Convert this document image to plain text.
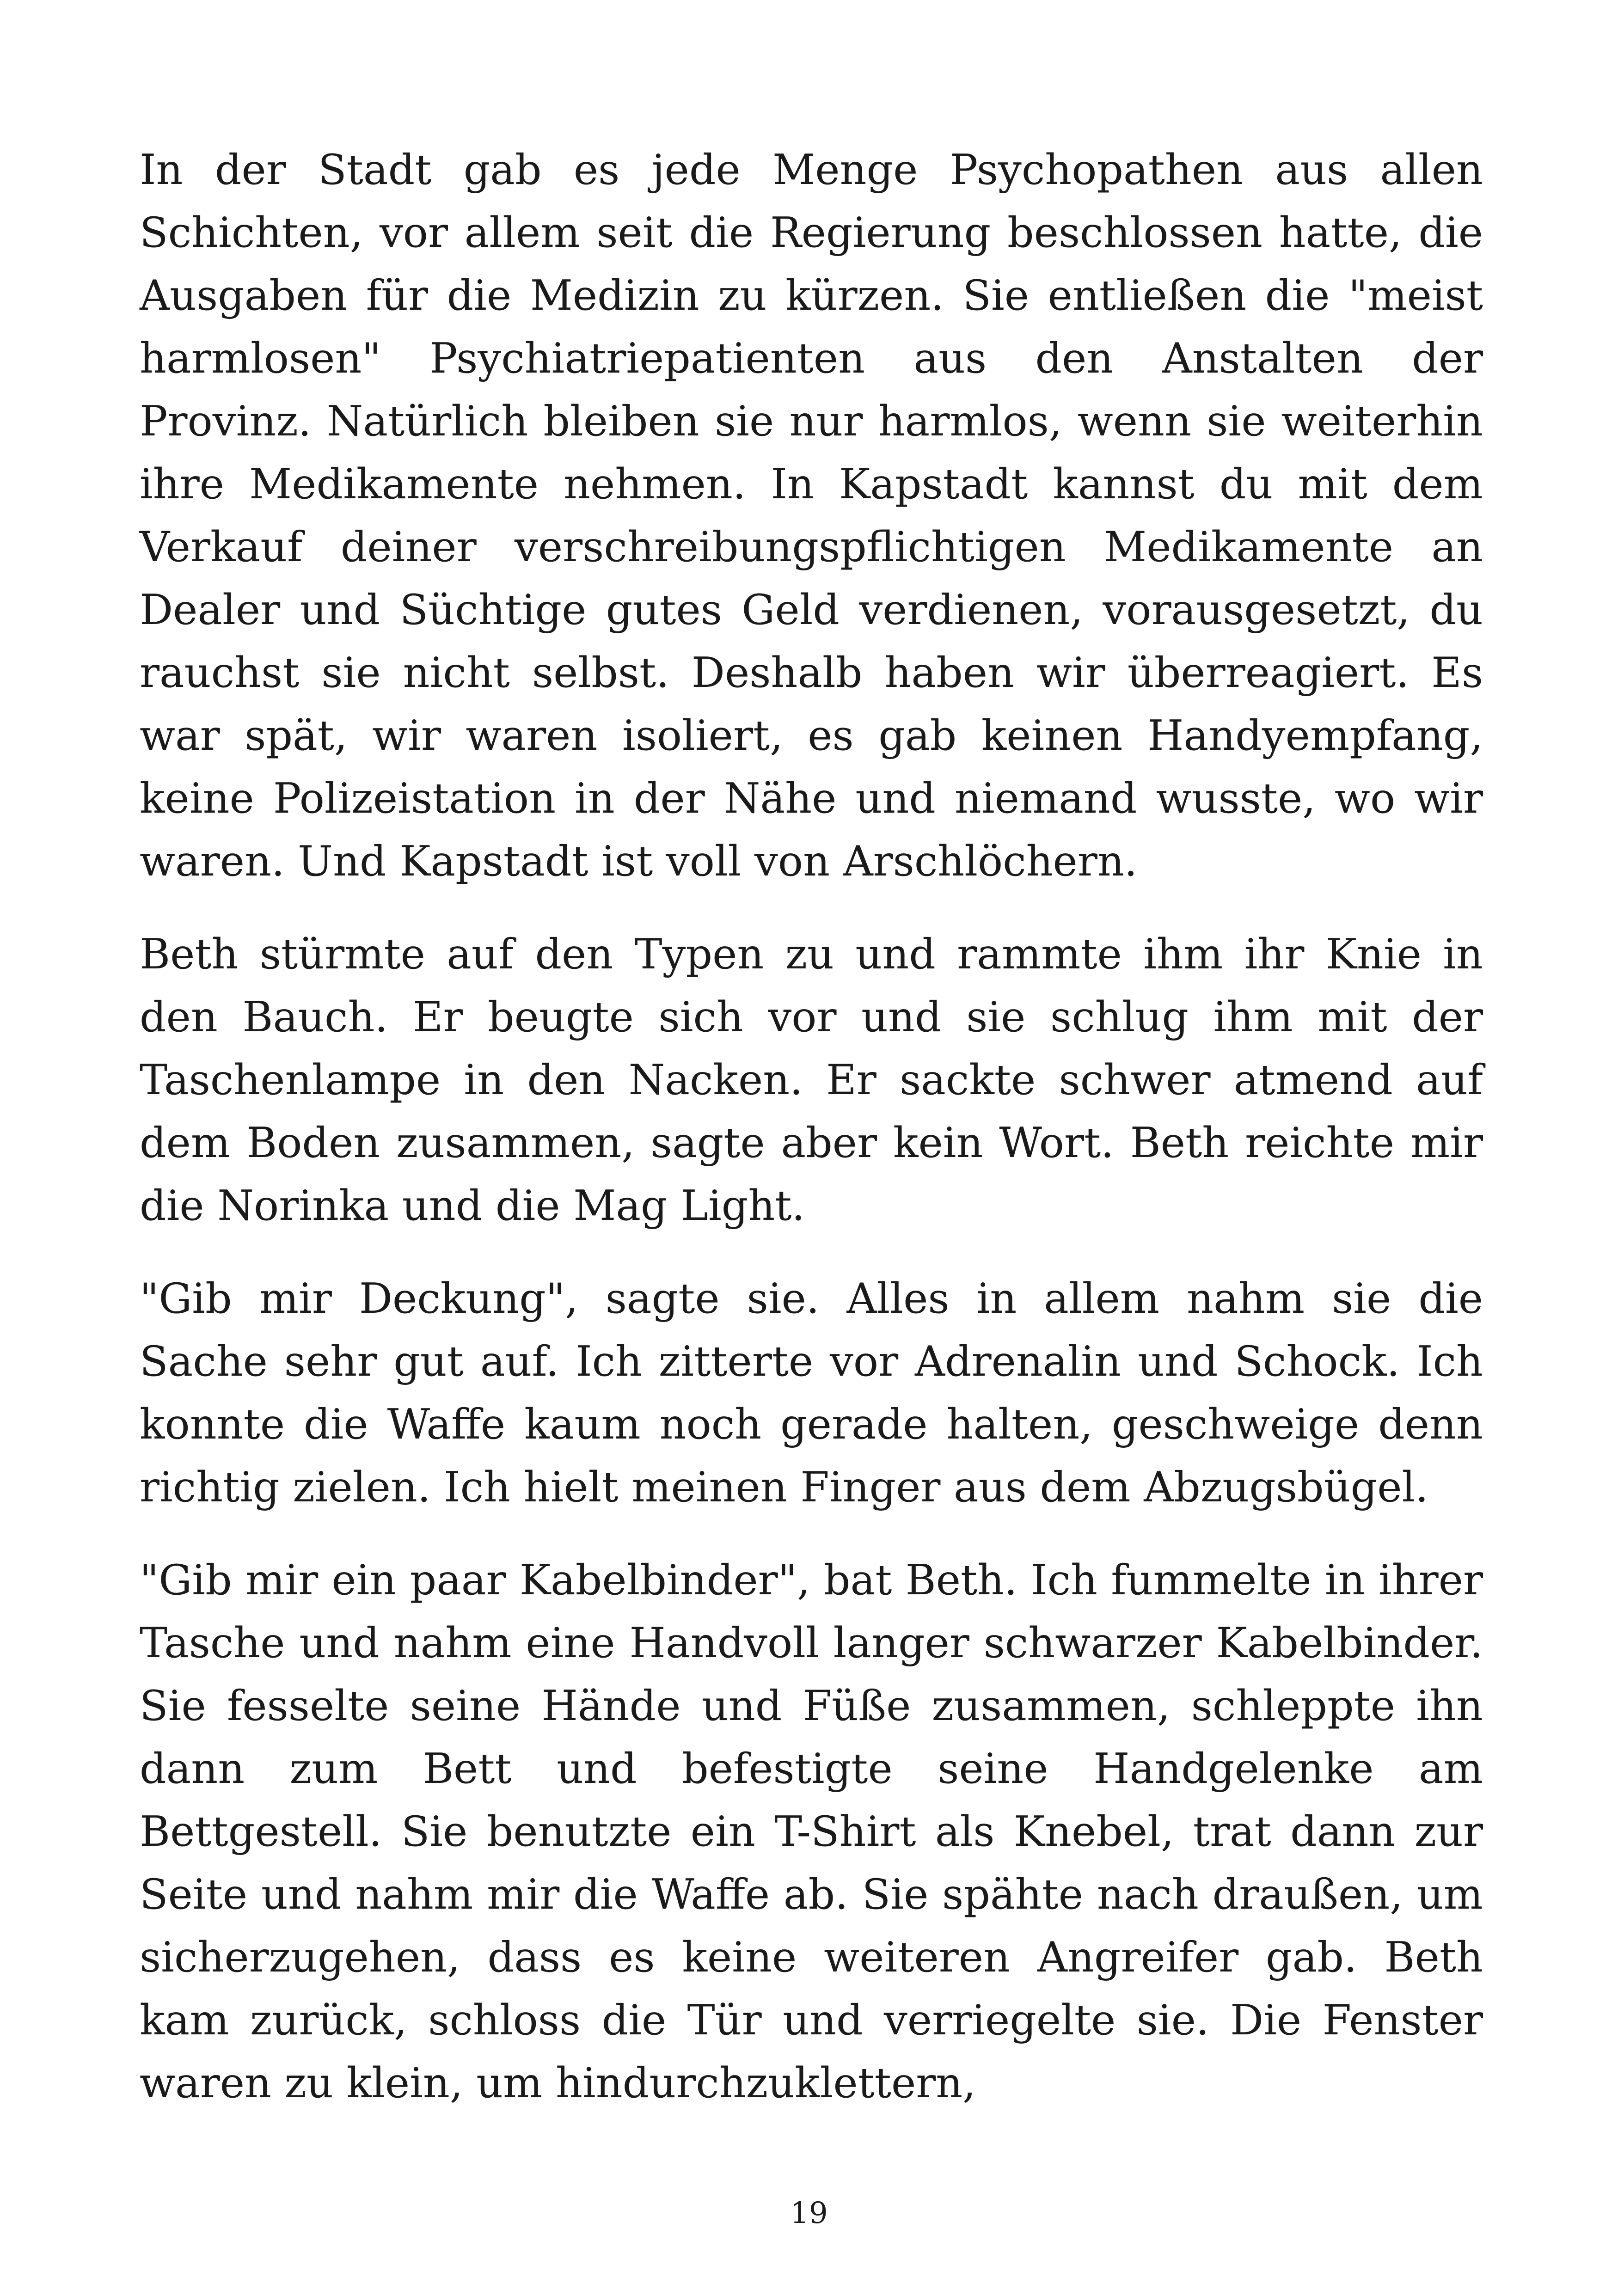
In der Stadt gab es jede Menge Psychopathen aus allen Schichten, vor allem seit die Regierung beschlossen hatte, die Ausgaben für die Medizin zu kürzen. Sie entließen die "meist harmlosen" Psychiatriepatienten aus den Anstalten der Provinz. Natürlich bleiben sie nur harmlos, wenn sie weiterhin ihre Medikamente nehmen. In Kapstadt kannst du mit dem Verkauf deiner verschreibungspflichtigen Medikamente an Dealer und Süchtige gutes Geld verdienen, vorausgesetzt, du rauchst sie nicht selbst. Deshalb haben wir überreagiert. Es war spät, wir waren isoliert, es gab keinen Handyempfang, keine Polizeistation in der Nähe und niemand wusste, wo wir waren. Und Kapstadt ist voll von Arschlöchern.

Beth stürmte auf den Typen zu und rammte ihm ihr Knie in den Bauch. Er beugte sich vor und sie schlug ihm mit der Taschenlampe in den Nacken. Er sackte schwer atmend auf dem Boden zusammen, sagte aber kein Wort. Beth reichte mir die Norinka und die Mag Light.

"Gib mir Deckung", sagte sie. Alles in allem nahm sie die Sache sehr gut auf. Ich zitterte vor Adrenalin und Schock. Ich konnte die Waffe kaum noch gerade halten, geschweige denn richtig zielen. Ich hielt meinen Finger aus dem Abzugsbügel.

"Gib mir ein paar Kabelbinder", bat Beth. Ich fummelte in ihrer Tasche und nahm eine Handvoll langer schwarzer Kabelbinder. Sie fesselte seine Hände und Füße zusammen, schleppte ihn dann zum Bett und befestigte seine Handgelenke am Bettgestell. Sie benutzte ein T-Shirt als Knebel, trat dann zur Seite und nahm mir die Waffe ab. Sie spähte nach draußen, um sicherzugehen, dass es keine weiteren Angreifer gab. Beth kam zurück, schloss die Tür und verriegelte sie. Die Fenster waren zu klein, um hindurchzuklettern,

19
